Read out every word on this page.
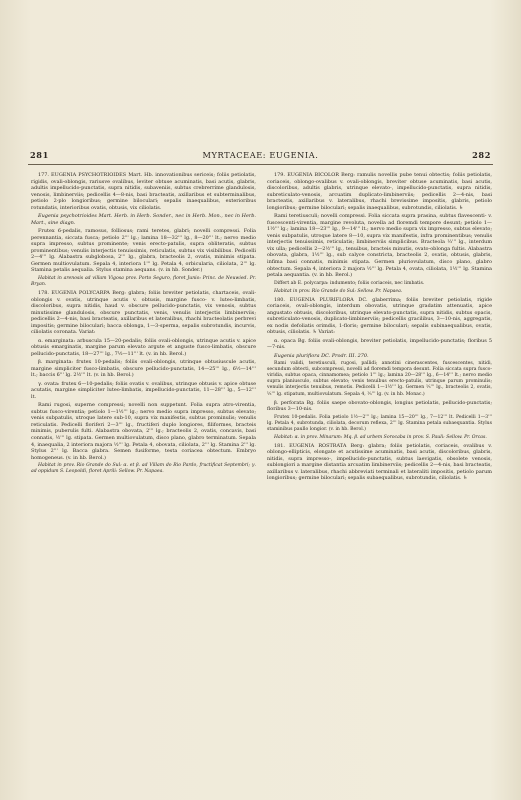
281	MYRTACEAE: EUGENIA.	282

177. EUGENIA PSYCHOTRIOIDES Mart. Hb. innovationibus sericeis; foliis petiolatis, rigidis, ovali-oblongis, rariusve ovalibus, leviter obtuse acuminatis, basi acutis, glabris, adultis impellucido-punctatis, supra nitidis, subaveniis, subtus crebrerrime glandulosis, venosis, limbinerviis; pedicellis 4—8-nis, basi bracteatis, axillaribus et subterminalibus, petiolo 2-plo longioribus; germine biloculari; sepalis inaequalibus, exterioribus rotundatis, interioribus ovatis, obtusis, vix ciliolatis.

Eugenia psychotrioides Mart. Herb. in Herb. Sonder., nec in Herb. Mon., nec in Herb. Mart., sine diagn.

Frutex 6-pedalis, ramosus, folliosus; rami teretes, glabri; novelli compressi. Folia perennantia, siccata fusca; petiolo 2''' lg.; lamina 18—32''' lg., 8—20''' lt.; nervo medio supra impresso, subtus prominente; venis erecto-patulis, supra obliteratis, subtus prominentibus; venulis interjectis tenuissimis, reticulatis, subtus vix visibilibus. Pedicelli 2—4''' lg. Alabastra subglobosa, 2''' lg., glabra, bracteolis 2, ovatis, minimis stipata. Germen multiovulatum. Sepala 4, interiora 1''' lg. Petala 4, orbicularia, ciliolata, 2''' lg. Stamina petalis aequalia. Stylus stamina aequans. (v. in hb. Sonder.)

Habitat in arenosis ad villam Vigosa prov. Porto Seguro, floret Junio: Princ. de Neuwied. Pr. Bryan.

178. EUGENIA POLYCARPA Berg: glabra; foliis breviter petiolatis, chartaceis, ovali-oblongis v. ovatis, utrinque acutis v. obtusis, margine fusco- v. luteo-limbatis, discoloribus, supra nitidis, haud v. obscure pellucido-punctatis, vix venosis, subtus minutissime glandulosis, obscure punctatis, venis, venulis interjectis limbinerviis; pedicellis 2—4-nis, basi bracteatis, axillaribus et lateralibus, rhachi bracteolatis perbrevi impositis; germine biloculari; bacca oblonga, 1—3-sperma, sepalis subrotundis, incurvis, ciliolatis coronata. Variat:

α. emarginata: arbuscula 15—20-pedalis; foliis ovali-oblongis, utrinque acutis v. apice obtusis emarginatis, margine parum elevato argute et anguste fusco-limbatis, obscure pellucido-punctatis, 18—27''' lg., 7½—11''' lt. (v. in hb. Berol.)

β. marginata: frutex 10-pedalis; foliis ovali-oblongis, utrinque obtusiuscule acutis, margine simpliciter fusco-limbatis, obscure pellucido-punctatis, 14—25''' lg., 6½—14''' lt.; baccis 6''' lg. 2½''' lt. (v. in hb. Berol.)

γ. ovata: frutex 6—10-pedalis; foliis ovatis v. ovalibus, utrinque obtusis v. apice obtuse acutatis, margine simpliciter luteo-limbatis, impellucido-punctatis, 11—28''' lg., 5—12''' lt.

Rami rugosi, superne compressi; novelli non suppetunt. Folia supra atro-virentia, subtus fusco-virentia; petiolo 1—1½''' lg.; nervo medio supra impresso, subtus elevato; venis subpatulis, utroque latere sub-10, supra vix manifestis, subtus prominulis; venulis reticulatis. Pedicelli floriferi 2—3''' lg., fructiferi duplo longiores, filiformes, bracteis minimis, puberulis fulti. Alabastra obovata, 2''' lg.; bracteolis 2, ovatis, concavis, basi connatis, ½''' lg. stipata. Germen multiovulatum, disco plano, glabro terminatum. Sepala 4, inaequalia, 2 interiora majora ½''' lg. Petala 4, obovata, ciliolata, 2''' lg. Stamina 2''' lg. Stylus 2''' lg. Bacca glabra. Semen fusiforme, testa coriacea obtectum. Embryo homogeneus. (v. in hb. Berol.)

Habitat in prov. Rio Grande do Sul: α. et β. ad Villam do Rio Pardo, fructificat Septembri; γ. ad oppidum S. Leopoldi, floret Aprili: Sellow. Pr. Napaea.

179. EUGENIA BICOLOR Berg: ramulis novellis pube tenui obtectis; foliis petiolatis, coriaceis, oblongo-ovalibus v. ovali-oblongis, breviter obtuse acuminatis, basi acutis, discoloribus, adultis glabris, utrinque elevato-, impellucido-punctatis, supra nitidis, subreticulato-venosis, arcuatim duplicato-limbinerviis; pedicellis 2—4-nis, basi bracteatis, axillaribus v. lateralibus, rhachi brevissime impositis, glabris, petiolo longioribus; germine biloculari; sepalis inaequalibus, subrotundis, ciliolatis. ♄

Rami teretiusculi; novelli compressi. Folia siccata supra prasina, subtus flavescenti- v. fuscescenti-virentia, margine revoluta, novella ad floremdi tempore desunt; petiolo 1—1½''' lg.; lamina 18—23''' lg., 9—14''' lt.; nervo medio supra vix impresso, subtus elevato; venis subpatulis, utroque latere 8—10, supra vix manifestis, infra prominentibus; venulis interjectis tenuissimis, reticulatis; limbinerviis simplicibus. Bracteola ⅓''' lg., interdum vix ulla; pedicellis 2—2½''' lg., tenuibus, bracteis minutis, ovato-oblonga fultis. Alabastra obovata, glabra, 1½''' lg., sub calyce constricta, bracteolis 2, ovatis, obtusis, glabris, infima basi connatis, minimis stipata. Germen pluriovulatum, disco plano, glabro obtectum. Sepala 4, interiora 2 majora ½''' lg. Petala 4, ovata, ciliolata, 1½''' lg. Stamina petala aequantia. (v. in hb. Berol.)

Differt ab E. polycarpa: indumento; foliis coriaceis, nec limbatis.

Habitat in prov. Rio Grande do Sul: Sellow. Pr. Napaea.

180. EUGENIA PLURIFLORA DC. glaberrima; foliis breviter petiolatis, rigide coriaceis, ovali-oblongis, interdum obovatis, utrinque gradatim attenuatis, apice angustato obtusis, discoloribus, utrinque elevato-punctatis, supra nitidis, subtus opacis, subreticulato-venosis, duplicato-limbinerviis; pedicellis gracilibus, 3—10-nis, aggregatis, ex nodis defoliatis orimdis, 1-floris; germine biloculari; sepalis subinaequalibus, ovatis, obtusis, ciliolatis. ♄ Variat:

α. opaca Bg. foliis ovali-oblongis, breviter petiolatis, impellucido-punctatis; floribus 5—7-nis.

Eugenia pluriflora DC. Prodr. III. 270.

Rami validi, teretiusculi, rugosi, pallidi; annotini cinerascentes, fuscescentes, nitidi, secundum obtecti, subcompressi, novelli ad floremdi tempora desunt. Folia siccata supra fusco-viridia, subtus opaca, cinnamomea; petiolo 1''' lg.; lamina 20—28''' lg., 6—14''' lt.; nervo medio supra planiusculo, subtus elevato; venis tenuibus erecto-patulis, utrinque parum prominulis; venulis interjectis tenuibus, remotis. Pedicelli 1—1½''' lg. Germen ⅓''' lg., bracteolis 2, ovatis, ⅓''' lg. stipatum, multiovulatum. Sepala 4, ⅓''' lg. (v. in hb. Monac.)

β. perforata Bg. foliis saepe obovato-oblongis, longius petiolatis, pellucido-punctatis; floribus 3—10-nis.

Frutex 10-pedalis. Folia petiolo 1½—2''' lg.; lamina 15—20''' lg., 7—12''' lt. Pedicelli 1—3''' lg. Petala 4, subrotunda, ciliolata, decorum reflexa, 2''' lg. Stamina petala subaequantia. Stylus staminibus paullo longior. (v. in hb. Berol.)

Habitat: α. in prov. Minarum: Mq. β. ad urbem Sorocaba in prov. S. Pauli: Sellow. Pr. Orcas.

181. EUGENIA ROSTRATA Berg: glabra; foliis petiolatis, coriaceis, ovalibus v. oblongo-ellipticis, elongate et acutissime acuminatis, basi acutis, discoloribus, glabris, nitidis, supra impresso-, impellucido-punctatis, subtus laevigatis, obsolete venosis, sublongiori a margine distantia arcuatim limbinerviis; pedicellis 2—4-nis, basi bracteatis, axillaribus v. lateralibus, rhachi abbreviati terminali et lateraliti impositis, petiolo parum longioribus; germine biloculari; sepalis subaequalibus, subrotundis, ciliolatis. ♄
